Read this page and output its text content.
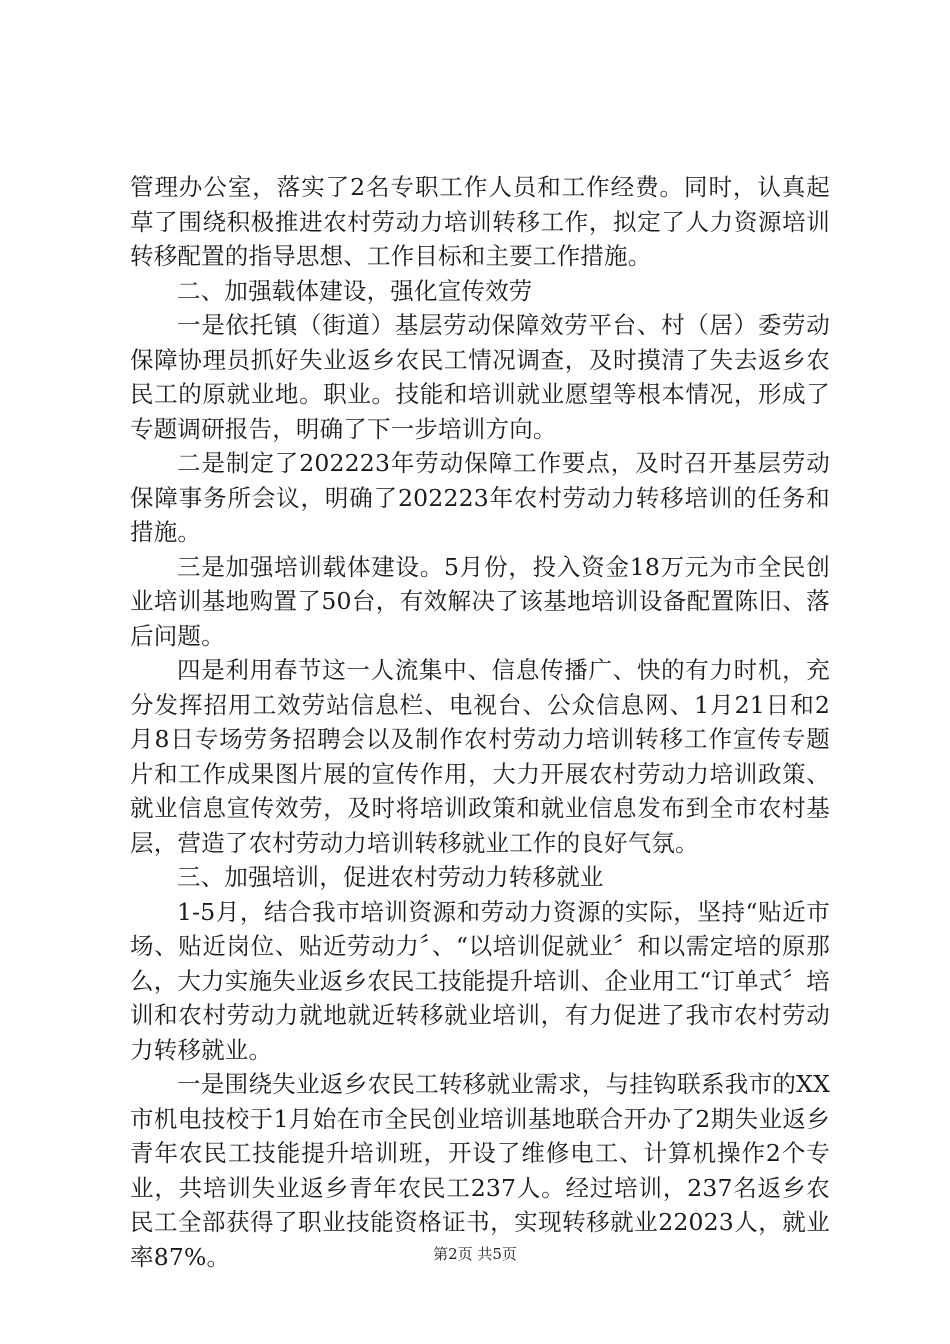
管理办公室，落实了2名专职工作人员和工作经费。同时，认真起草了围绕积极推进农村劳动力培训转移工作，拟定了人力资源培训转移配置的指导思想、工作目标和主要工作措施。

二、加强载体建设，强化宣传效劳

一是依托镇（街道）基层劳动保障效劳平台、村（居）委劳动保障协理员抓好失业返乡农民工情况调查，及时摸清了失去返乡农民工的原就业地。职业。技能和培训就业愿望等根本情况，形成了专题调研报告，明确了下一步培训方向。

二是制定了202223年劳动保障工作要点，及时召开基层劳动保障事务所会议，明确了202223年农村劳动力转移培训的任务和措施。

三是加强培训载体建设。5月份，投入资金18万元为市全民创业培训基地购置了50台，有效解决了该基地培训设备配置陈旧、落后问题。

四是利用春节这一人流集中、信息传播广、快的有力时机，充分发挥招用工效劳站信息栏、电视台、公众信息网、1月21日和2月8日专场劳务招聘会以及制作农村劳动力培训转移工作宣传专题片和工作成果图片展的宣传作用，大力开展农村劳动力培训政策、就业信息宣传效劳，及时将培训政策和就业信息发布到全市农村基层，营造了农村劳动力培训转移就业工作的良好气氛。

三、加强培训，促进农村劳动力转移就业

1-5月，结合我市培训资源和劳动力资源的实际，坚持“贴近市场、贴近岗位、贴近劳动力〞、“以培训促就业〞和以需定培的原那么，大力实施失业返乡农民工技能提升培训、企业用工“订单式〞培训和农村劳动力就地就近转移就业培训，有力促进了我市农村劳动力转移就业。

一是围绕失业返乡农民工转移就业需求，与挂钩联系我市的XX市机电技校于1月始在市全民创业培训基地联合开办了2期失业返乡青年农民工技能提升培训班，开设了维修电工、计算机操作2个专业，共培训失业返乡青年农民工237人。经过培训，237名返乡农民工全部获得了职业技能资格证书，实现转移就业22023人，就业率87%。	第2页 共5页
